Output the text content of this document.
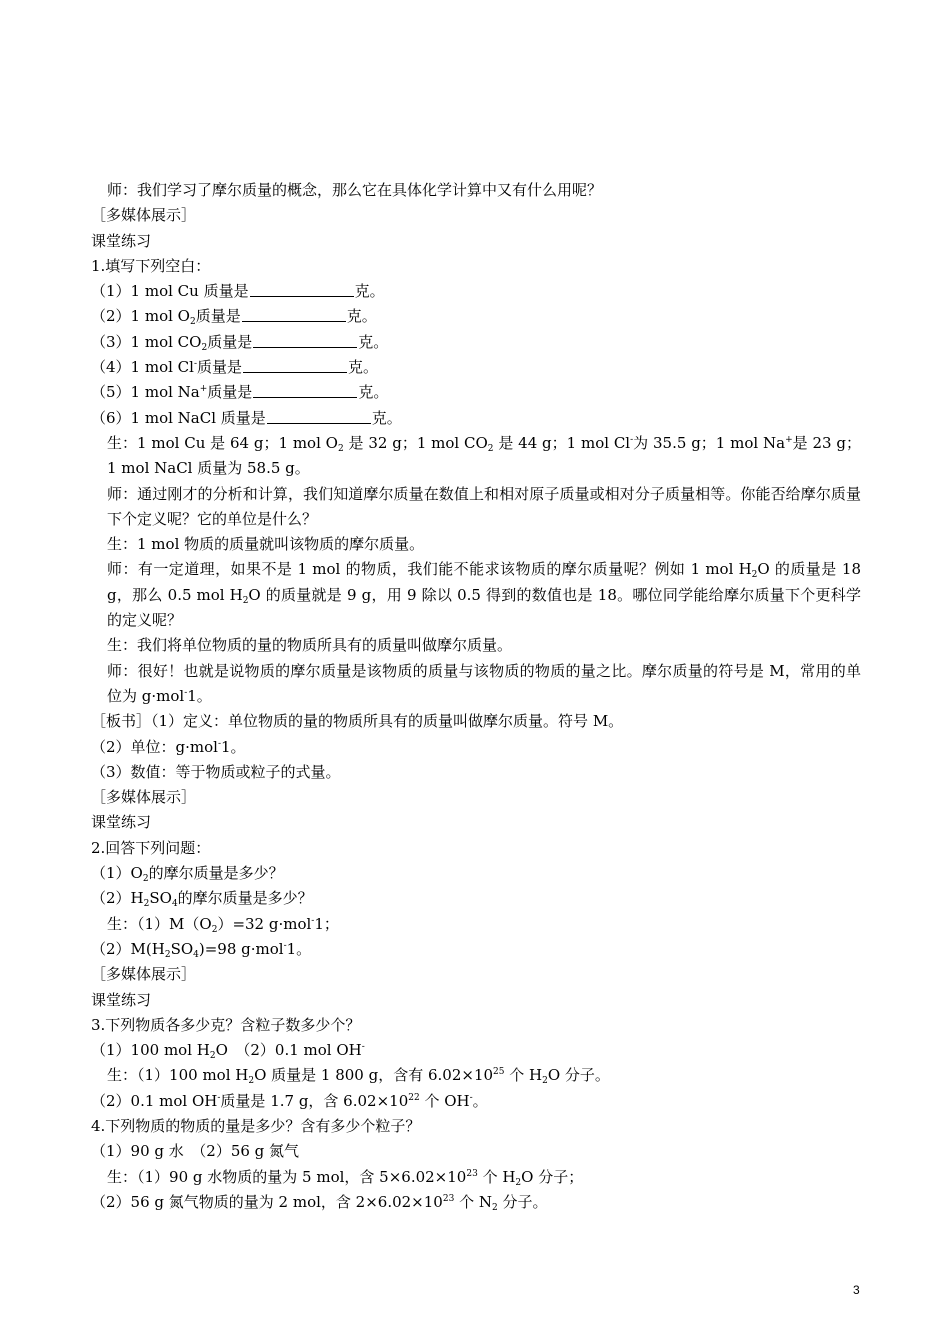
师：我们学习了摩尔质量的概念，那么它在具体化学计算中又有什么用呢？

［多媒体展示］

课堂练习

1.填写下列空白：

（1）1 mol Cu 质量是	克。

（2）1 mol $O_2$质量是	克。

（3）1 mol $CO_2$质量是	克。

（4）1 mol Cl-质量是	克。

（5）1 mol Na+质量是	克。

（6）1 mol NaCl 质量是	克。

生：1 mol Cu 是 64 g；1 mol $O_2$ 是 32 g；1 mol $CO_2$ 是 44 g；1 mol Cl-为 35.5 g；1 mol Na+是 23 g；1 mol NaCl 质量为 58.5 g。

师：通过刚才的分析和计算，我们知道摩尔质量在数值上和相对原子质量或相对分子质量相等。你能否给摩尔质量下个定义呢？它的单位是什么？

生：1 mol 物质的质量就叫该物质的摩尔质量。

师：有一定道理，如果不是 1 mol 的物质，我们能不能求该物质的摩尔质量呢？例如 1 mol $H_2O$ 的质量是 18 g，那么 0.5 mol $H_2O$ 的质量就是 9 g，用 9 除以 0.5 得到的数值也是 18。哪位同学能给摩尔质量下个更科学的定义呢？

生：我们将单位物质的量的物质所具有的质量叫做摩尔质量。

师：很好！也就是说物质的摩尔质量是该物质的质量与该物质的物质的量之比。摩尔质量的符号是 M，常用的单位为 g·mol-1。

［板书］（1）定义：单位物质的量的物质所具有的质量叫做摩尔质量。符号 M。

（2）单位：g·mol-1。

（3）数值：等于物质或粒子的式量。

［多媒体展示］

课堂练习

2.回答下列问题：

$(1)O_2$的摩尔质量是多少？

$(2)H_2SO_4$的摩尔质量是多少？

生：$(1)M(O_2)=32$ g·mol-1；

$(2)M(H_2SO_4)=98$ g·mol-1。

［多媒体展示］

课堂练习

3.下列物质各多少克？含粒子数多少个？

（1）100 mol $H_2O$　（2）0.1 mol OH-

生：（1）100 mol $H_2O$ 质量是 1 800 g，含有 $6.02\times 10^{25}$ 个 $H_2O$ 分子。

（2）0.1 mol OH-质量是 1.7 g，含 $6.02\times 10^{22}$ 个 OH-。

4.下列物质的物质的量是多少？含有多少个粒子？

（1）90 g 水　（2）56 g 氮气

生：（1）90 g 水物质的量为 5 mol，含 $5\times 6.02\times 10^{23}$ 个 $H_2O$ 分子；

（2）56 g 氮气物质的量为 2 mol，含 $2\times 6.02\times 10^{23}$ 个 $N_2$ 分子。

3
